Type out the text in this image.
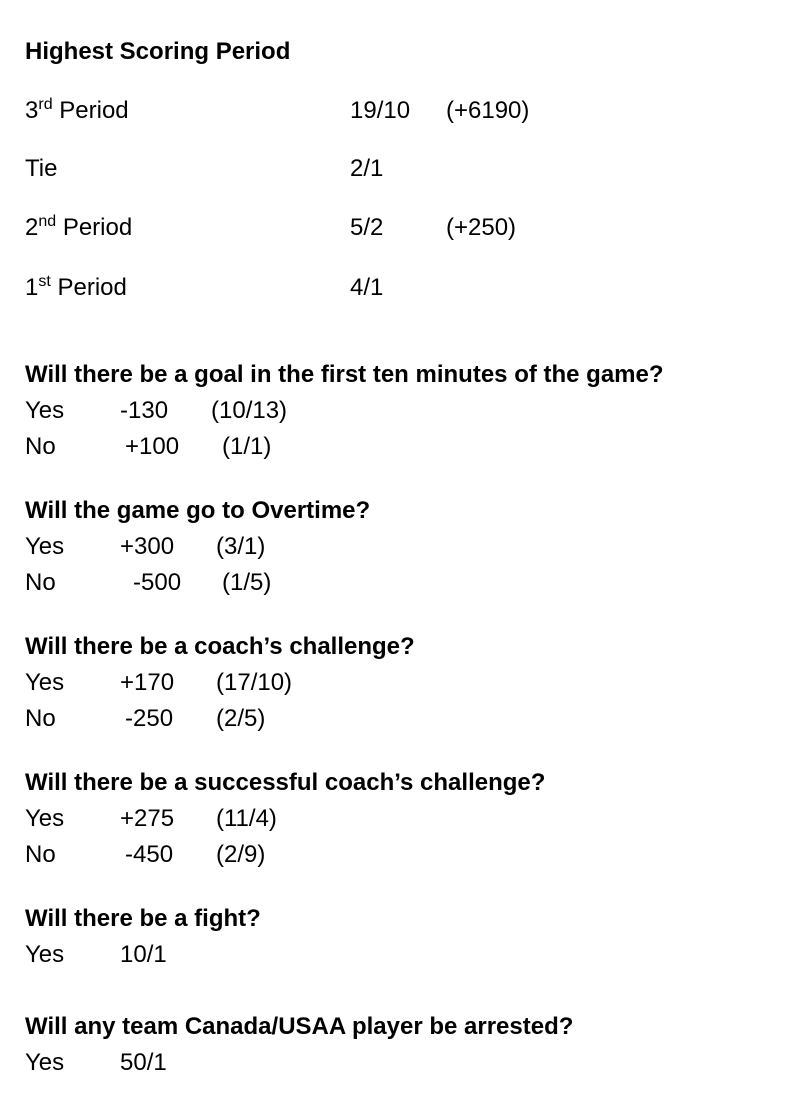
Highest Scoring Period
3rd Period	19/10 (+6190)
Tie	2/1
2nd Period	5/2	(+250)
1st Period	4/1
Will there be a goal in the first ten minutes of the game?
Yes -130 (10/13)
No	+100 (1/1)
Will the game go to Overtime?
Yes +300 (3/1)
No	-500 (1/5)
Will there be a coach’s challenge?
Yes +170 (17/10)
No	-250 (2/5)
Will there be a successful coach’s challenge?
Yes +275 (11/4)
No	-450 (2/9)
Will there be a fight?
Yes 10/1
Will any team Canada/USAA player be arrested?
Yes 50/1
